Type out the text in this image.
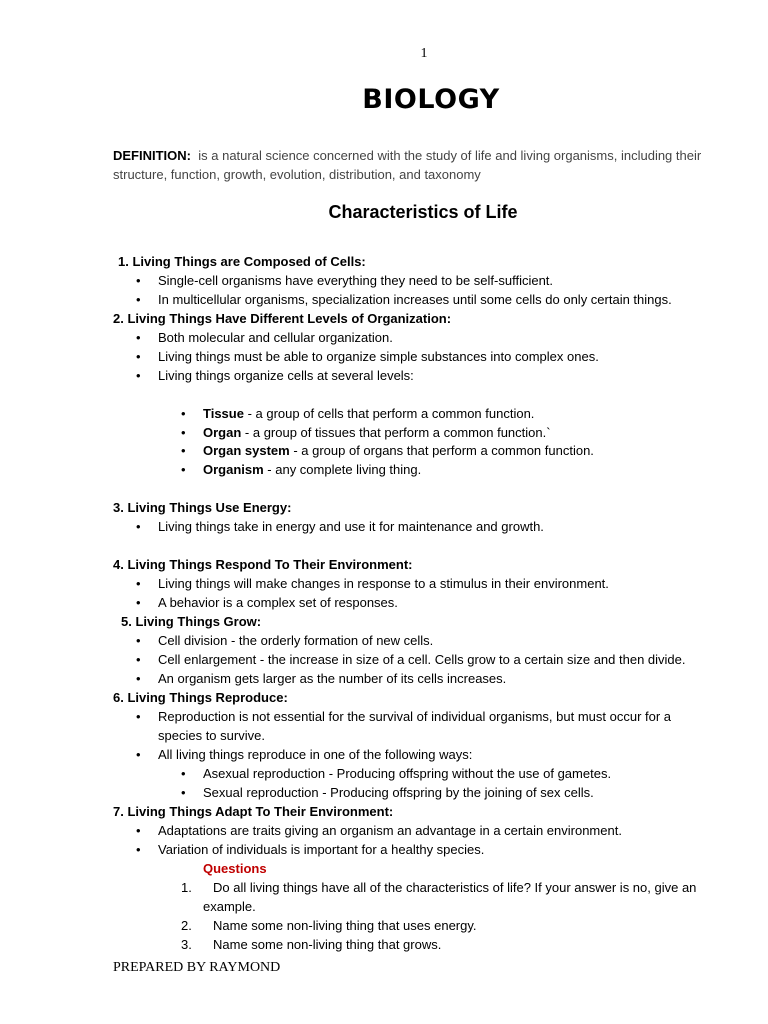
1
BIOLOGY
DEFINITION: is a natural science concerned with the study of life and living organisms, including their structure, function, growth, evolution, distribution, and taxonomy
Characteristics of Life
1. Living Things are Composed of Cells:
• Single-cell organisms have everything they need to be self-sufficient.
• In multicellular organisms, specialization increases until some cells do only certain things.
2. Living Things Have Different Levels of Organization:
• Both molecular and cellular organization.
• Living things must be able to organize simple substances into complex ones.
• Living things organize cells at several levels:
• Tissue - a group of cells that perform a common function.
• Organ - a group of tissues that perform a common function.`
• Organ system - a group of organs that perform a common function.
• Organism - any complete living thing.
3. Living Things Use Energy:
• Living things take in energy and use it for maintenance and growth.
4. Living Things Respond To Their Environment:
• Living things will make changes in response to a stimulus in their environment.
• A behavior is a complex set of responses.
5. Living Things Grow:
• Cell division - the orderly formation of new cells.
• Cell enlargement - the increase in size of a cell. Cells grow to a certain size and then divide.
• An organism gets larger as the number of its cells increases.
6. Living Things Reproduce:
• Reproduction is not essential for the survival of individual organisms, but must occur for a
species to survive.
• All living things reproduce in one of the following ways:
• Asexual reproduction - Producing offspring without the use of gametes.
• Sexual reproduction - Producing offspring by the joining of sex cells.
7. Living Things Adapt To Their Environment:
• Adaptations are traits giving an organism an advantage in a certain environment.
• Variation of individuals is important for a healthy species.
Questions
1. Do all living things have all of the characteristics of life? If your answer is no, give an
example.
2. Name some non-living thing that uses energy.
3. Name some non-living thing that grows.
PREPARED BY RAYMOND
